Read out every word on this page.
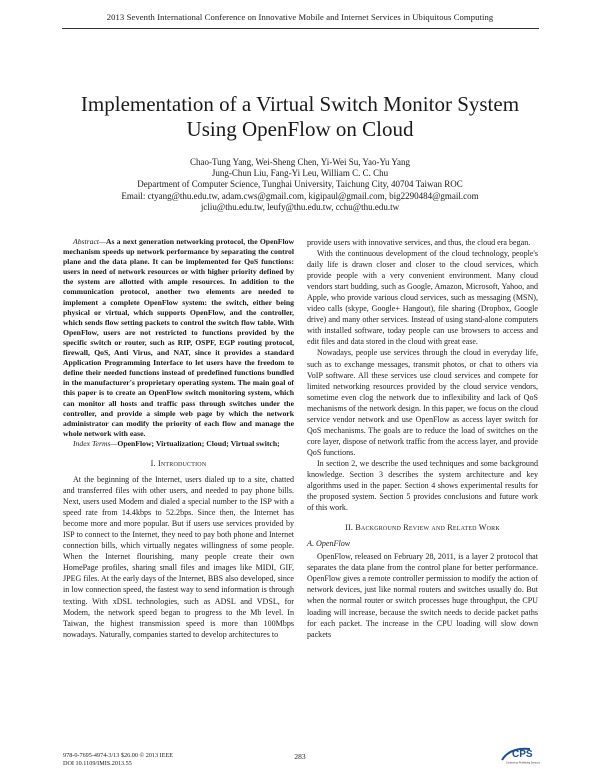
2013 Seventh International Conference on Innovative Mobile and Internet Services in Ubiquitous Computing
Implementation of a Virtual Switch Monitor System
Using OpenFlow on Cloud
Chao-Tung Yang, Wei-Sheng Chen, Yi-Wei Su, Yao-Yu Yang
Jung-Chun Liu, Fang-Yi Leu, William C. C. Chu
Department of Computer Science, Tunghai University, Taichung City, 40704 Taiwan ROC
Email: ctyang@thu.edu.tw, adam.cws@gmail.com, kigipaul@gmail.com, big2290484@gmail.com
jcliu@thu.edu.tw, leufy@thu.edu.tw, cchu@thu.edu.tw
Abstract—As a next generation networking protocol, the OpenFlow mechanism speeds up network performance by separating the control plane and the data plane. It can be implemented for QoS functions: users in need of network resources or with higher priority defined by the system are allotted with ample resources. In addition to the communication protocol, another two elements are needed to implement a complete OpenFlow system: the switch, either being physical or virtual, which supports OpenFlow, and the controller, which sends flow setting packets to control the switch flow table. With OpenFlow, users are not restricted to functions provided by the specific switch or router, such as RIP, OSPF, EGP routing protocol, firewall, QoS, Anti Virus, and NAT, since it provides a standard Application Programming Interface to let users have the freedom to define their needed functions instead of predefined functions bundled in the manufacturer's proprietary operating system. The main goal of this paper is to create an OpenFlow switch monitoring system, which can monitor all hosts and traffic pass through switches under the controller, and provide a simple web page by which the network administrator can modify the priority of each flow and manage the whole network with ease.
Index Terms—OpenFlow; Virtualization; Cloud; Virtual switch;
I. Introduction

At the beginning of the Internet, users dialed up to a site, chatted and transferred files with other users, and needed to pay phone bills. Next, users used Modem and dialed a special number to the ISP with a speed rate from 14.4kbps to 52.2bps. Since then, the Internet has become more and more popular. But if users use services provided by ISP to connect to the Internet, they need to pay both phone and Internet connection bills, which virtually negates willingness of some people. When the Internet flourishing, many people create their own HomePage profiles, sharing small files and images like MIDI, GIF, JPEG files. At the early days of the Internet, BBS also developed, since in low connection speed, the fastest way to send information is through texting. With xDSL technologies, such as ADSL and VDSL, for Modem, the network speed began to progress to the Mb level. In Taiwan, the highest transmission speed is more than 100Mbps nowadays. Naturally, companies started to develop architectures to

provide users with innovative services, and thus, the cloud era began.

With the continuous development of the cloud technology, people's daily life is drawn closer and closer to the cloud services, which provide people with a very convenient environment. Many cloud vendors start budding, such as Google, Amazon, Microsoft, Yahoo, and Apple, who provide various cloud services, such as messaging (MSN), video calls (skype, Google+ Hangout), file sharing (Dropbox, Google drive) and many other services. Instead of using stand-alone computers with installed software, today people can use browsers to access and edit files and data stored in the cloud with great ease.

Nowadays, people use services through the cloud in everyday life, such as to exchange messages, transmit photos, or chat to others via VoIP software. All these services use cloud services and compete for limited networking resources provided by the cloud service vendors, sometime even clog the network due to inflexibility and lack of QoS mechanisms of the network design. In this paper, we focus on the cloud service vendor network and use OpenFlow as access layer switch for QoS mechanisms. The goals are to reduce the load of switches on the core layer, dispose of network traffic from the access layer, and provide QoS functions.

In section 2, we describe the used techniques and some background knowledge. Section 3 describes the system architecture and key algorithms used in the paper. Section 4 shows experimental results for the proposed system. Section 5 provides conclusions and future work of this work.

II. Background Review and Related Work
A. OpenFlow

OpenFlow, released on February 28, 2011, is a layer 2 protocol that separates the data plane from the control plane for better performance. OpenFlow gives a remote controller permission to modify the action of network devices, just like normal routers and switches usually do. But when the normal router or switch processes huge throughput, the CPU loading will increase, because the switch needs to decide packet paths for each packet. The increase in the CPU loading will slow down packets

978-0-7695-4974-3/13 $26.00 © 2013 IEEE
DOI 10.1109/IMIS.2013.55
283	CPS
Conference Publishing Services
